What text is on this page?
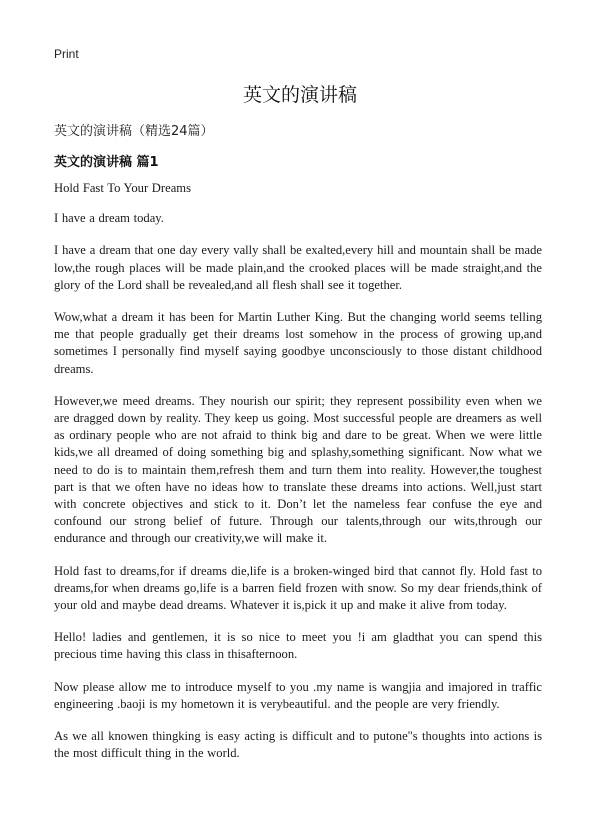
Print
英文的演讲稿
英文的演讲稿（精选24篇）
英文的演讲稿 篇1

Hold Fast To Your Dreams

I have a dream today.

I have a dream that one day every vally shall be exalted,every hill and mountain shall be made low,the rough places will be made plain,and the crooked places will be made straight,and the glory of the Lord shall be revealed,and all flesh shall see it together.

Wow,what a dream it has been for Martin Luther King. But the changing world seems telling me that people gradually get their dreams lost somehow in the process of growing up,and sometimes I personally find myself saying goodbye unconsciously to those distant childhood dreams.

However,we meed dreams. They nourish our spirit; they represent possibility even when we are dragged down by reality. They keep us going. Most successful people are dreamers as well as ordinary people who are not afraid to think big and dare to be great. When we were little kids,we all dreamed of doing something big and splashy,something significant. Now what we need to do is to maintain them,refresh them and turn them into reality. However,the toughest part is that we often have no ideas how to translate these dreams into actions. Well,just start with concrete objectives and stick to it. Don’t let the nameless fear confuse the eye and confound our strong belief of future. Through our talents,through our wits,through our endurance and through our creativity,we will make it.

Hold fast to dreams,for if dreams die,life is a broken-winged bird that cannot fly. Hold fast to dreams,for when dreams go,life is a barren field frozen with snow. So my dear friends,think of your old and maybe dead dreams. Whatever it is,pick it up and make it alive from today.

Hello! ladies and gentlemen, it is so nice to meet you !i am gladthat you can spend this precious time having this class in thisafternoon.

Now please allow me to introduce myself to you .my name is wangjia and imajored in traffic engineering .baoji is my hometown it is verybeautiful. and the people are very friendly.

As we all knowen thingking is easy acting is difficult and to putone"s thoughts into actions is the most difficult thing in the world.
